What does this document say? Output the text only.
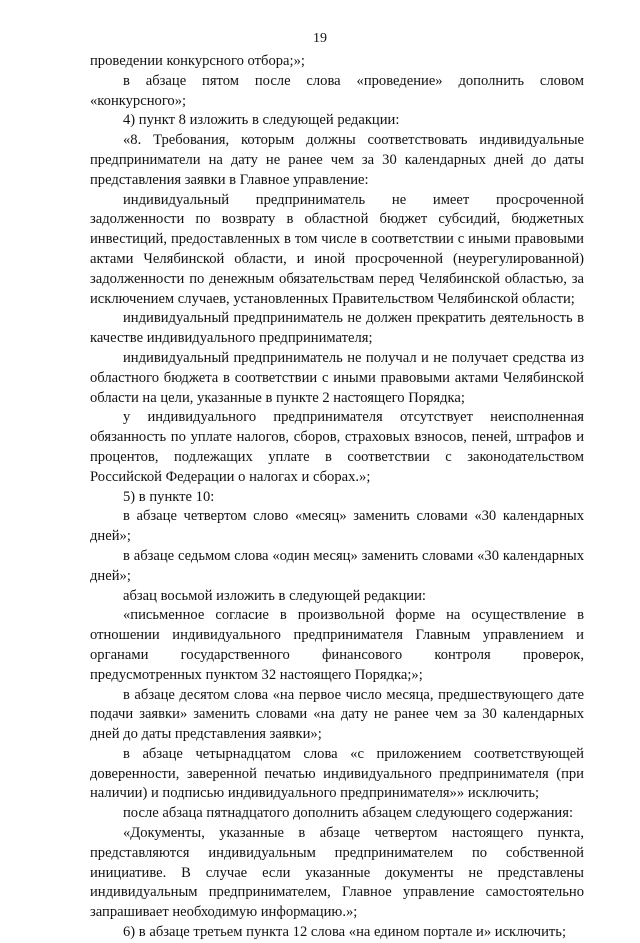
19

проведении конкурсного отбора;»;

в абзаце пятом после слова «проведение» дополнить словом «конкурсного»;

4) пункт 8 изложить в следующей редакции:

«8. Требования, которым должны соответствовать индивидуальные предприниматели на дату не ранее чем за 30 календарных дней до даты представления заявки в Главное управление:

индивидуальный предприниматель не имеет просроченной задолженности по возврату в областной бюджет субсидий, бюджетных инвестиций, предоставленных в том числе в соответствии с иными правовыми актами Челябинской области, и иной просроченной (неурегулированной) задолженности по денежным обязательствам перед Челябинской областью, за исключением случаев, установленных Правительством Челябинской области;

индивидуальный предприниматель не должен прекратить деятельность в качестве индивидуального предпринимателя;

индивидуальный предприниматель не получал и не получает средства из областного бюджета в соответствии с иными правовыми актами Челябинской области на цели, указанные в пункте 2 настоящего Порядка;

у индивидуального предпринимателя отсутствует неисполненная обязанность по уплате налогов, сборов, страховых взносов, пеней, штрафов и процентов, подлежащих уплате в соответствии с законодательством Российской Федерации о налогах и сборах.»;

5) в пункте 10:

в абзаце четвертом слово «месяц» заменить словами «30 календарных дней»;

в абзаце седьмом слова «один месяц» заменить словами «30 календарных дней»;

абзац восьмой изложить в следующей редакции:

«письменное согласие в произвольной форме на осуществление в отношении индивидуального предпринимателя Главным управлением и органами государственного финансового контроля проверок, предусмотренных пунктом 32 настоящего Порядка;»;

в абзаце десятом слова «на первое число месяца, предшествующего дате подачи заявки» заменить словами «на дату не ранее чем за 30 календарных дней до даты представления заявки»;

в абзаце четырнадцатом слова «с приложением соответствующей доверенности, заверенной печатью индивидуального предпринимателя (при наличии) и подписью индивидуального предпринимателя»» исключить;

после абзаца пятнадцатого дополнить абзацем следующего содержания:

«Документы, указанные в абзаце четвертом настоящего пункта, представляются индивидуальным предпринимателем по собственной инициативе. В случае если указанные документы не представлены индивидуальным предпринимателем, Главное управление самостоятельно запрашивает необходимую информацию.»;

6) в абзаце третьем пункта 12 слова «на едином портале и» исключить;
